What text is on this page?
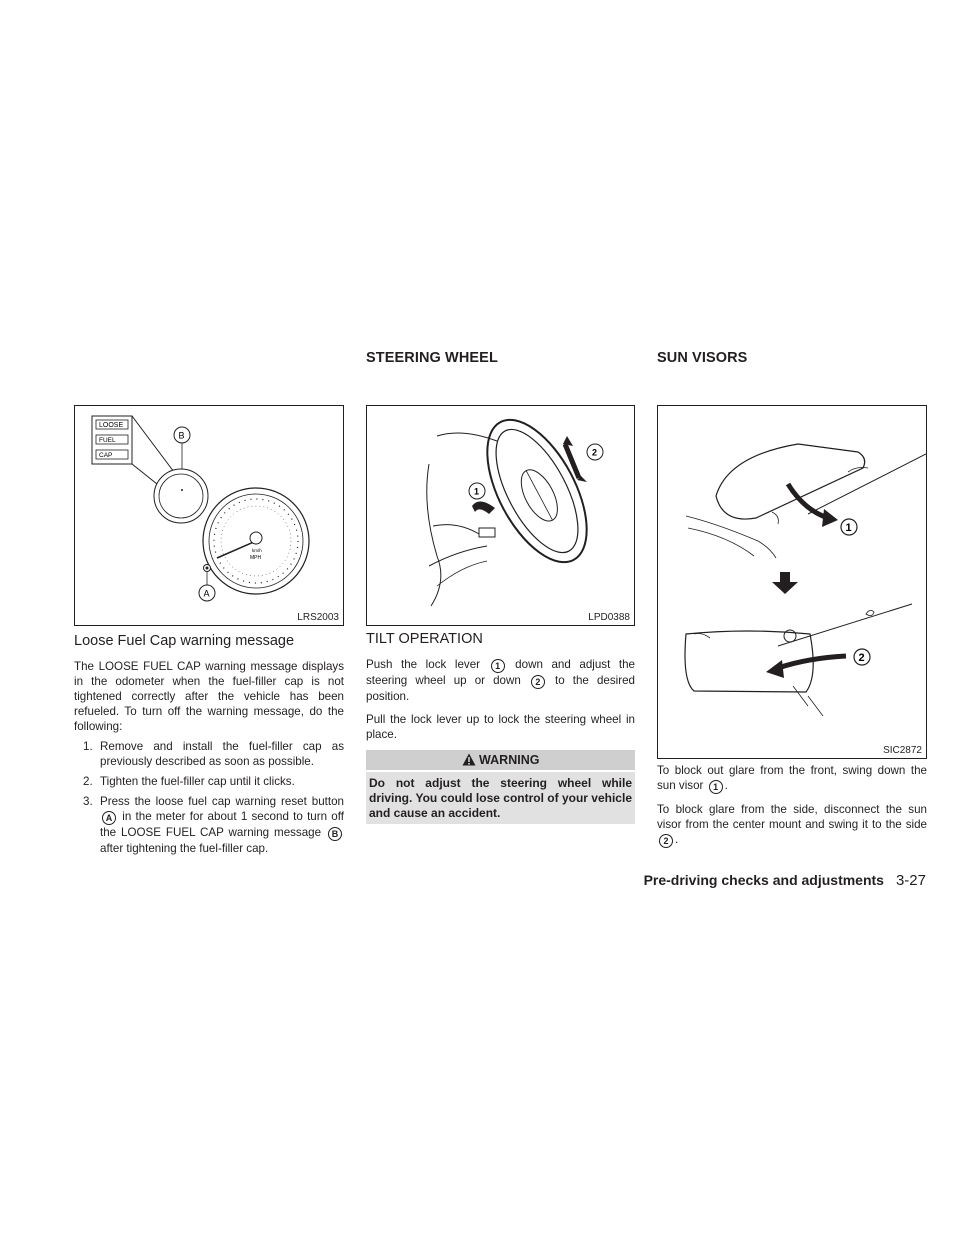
LOOSE
FUEL
CAP
B
km/h
MPH
A
LRS2003

Loose Fuel Cap warning message

The LOOSE FUEL CAP warning message displays in the odometer when the fuel-filler cap is not tightened correctly after the vehicle has been refueled. To turn off the warning message, do the following:

1. Remove and install the fuel-filler cap as previously described as soon as possible.
2. Tighten the fuel-filler cap until it clicks.
3. Press the loose fuel cap warning reset button A in the meter for about 1 second to turn off the LOOSE FUEL CAP warning message B after tightening the fuel-filler cap.
STEERING WHEEL
1
2
LPD0388

TILT OPERATION

Push the lock lever 1 down and adjust the steering wheel up or down 2 to the desired position.

Pull the lock lever up to lock the steering wheel in place.

WARNING
Do not adjust the steering wheel while driving. You could lose control of your vehicle and cause an accident.
SUN VISORS
1
2
SIC2872

To block out glare from the front, swing down the sun visor 1 .

To block glare from the side, disconnect the sun visor from the center mount and swing it to the side 2 .

Pre-driving checks and adjustments 3-27
